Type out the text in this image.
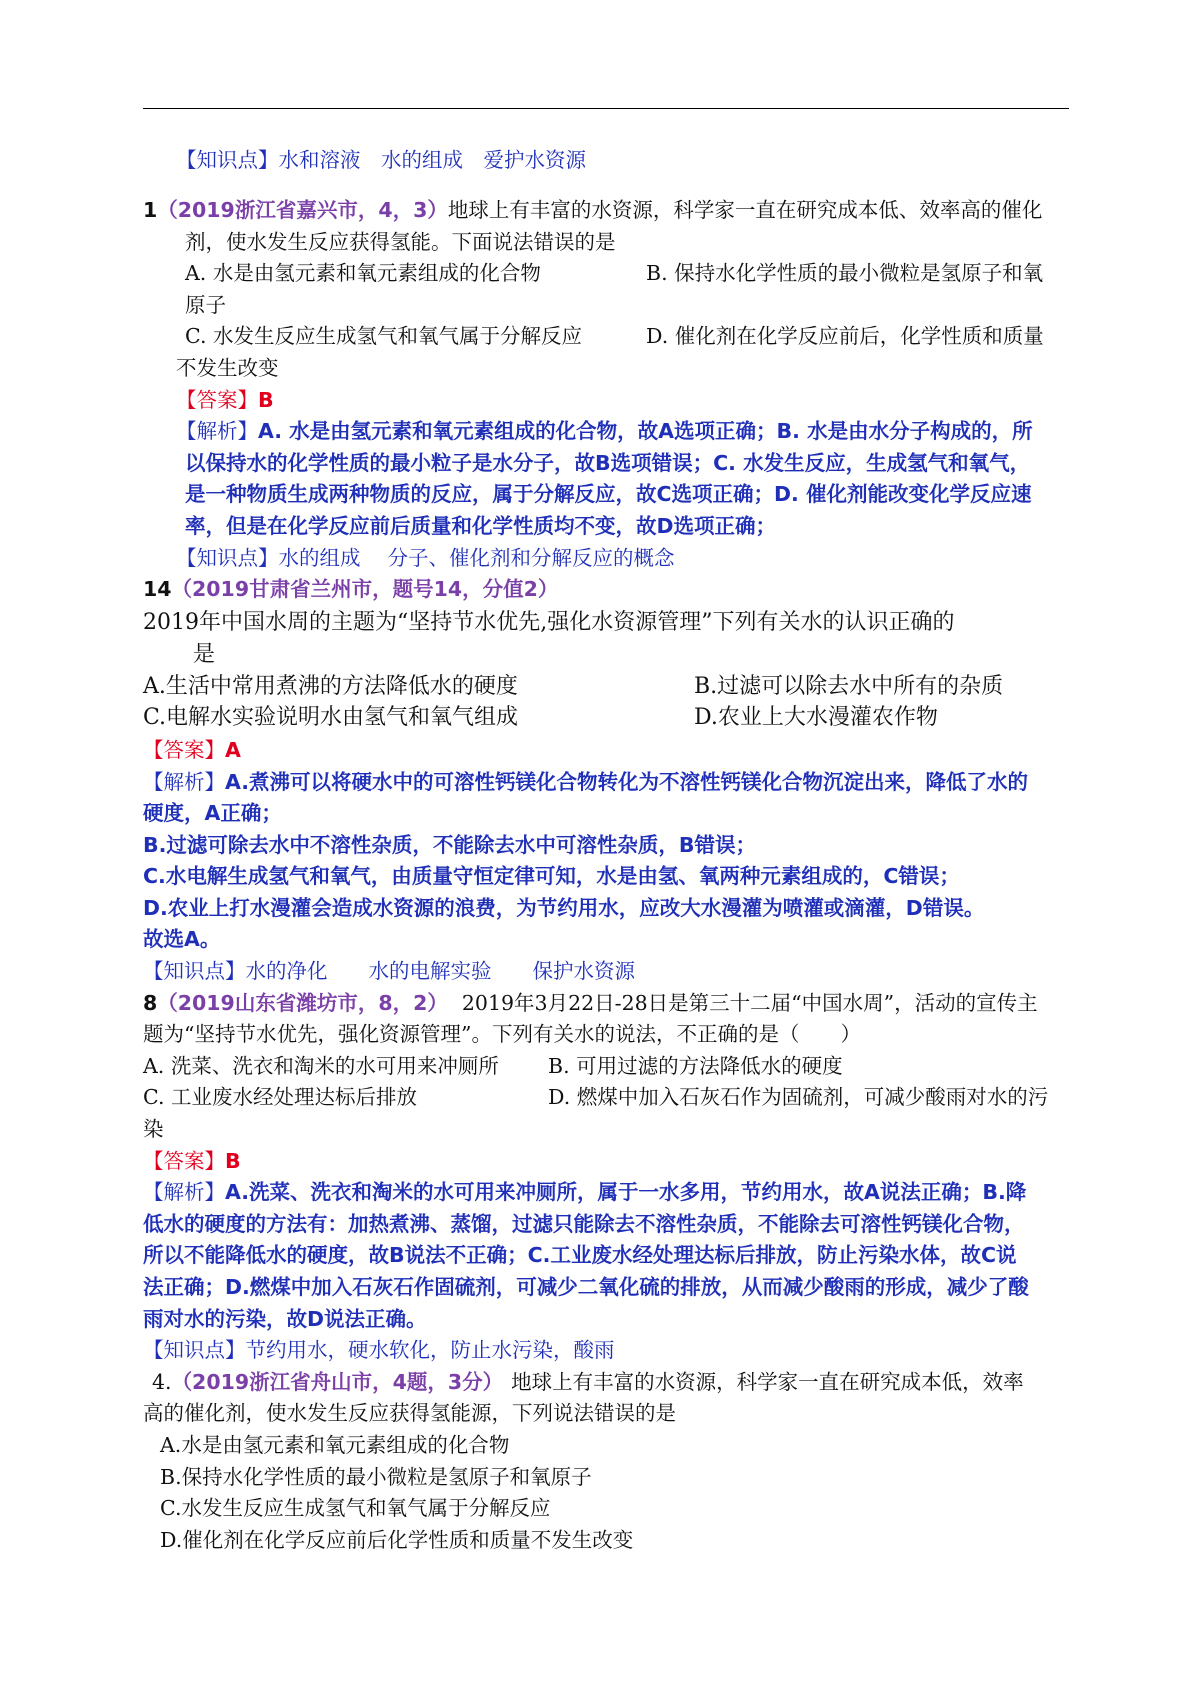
【知识点】水和溶液　水的组成　爱护水资源
1（2019浙江省嘉兴市，4，3）地球上有丰富的水资源，科学家一直在研究成本低、效率高的催化
剂，使水发生反应获得氢能。下面说法错误的是
A. 水是由氢元素和氧元素组成的化合物	B. 保持水化学性质的最小微粒是氢原子和氧
原子
C. 水发生反应生成氢气和氧气属于分解反应	D. 催化剂在化学反应前后，化学性质和质量
不发生改变
【答案】B
【解析】A. 水是由氢元素和氧元素组成的化合物，故A选项正确；B. 水是由水分子构成的，所
以保持水的化学性质的最小粒子是水分子，故B选项错误；C. 水发生反应，生成氢气和氧气，
是一种物质生成两种物质的反应，属于分解反应，故C选项正确；D. 催化剂能改变化学反应速
率，但是在化学反应前后质量和化学性质均不变，故D选项正确；
【知识点】水的组成　 分子、催化剂和分解反应的概念
14（2019甘肃省兰州市，题号14，分值2）
2019年中国水周的主题为“坚持节水优先,强化水资源管理”下列有关水的认识正确的
是
A.生活中常用煮沸的方法降低水的硬度	B.过滤可以除去水中所有的杂质
C.电解水实验说明水由氢气和氧气组成	D.农业上大水漫灌农作物
【答案】A
【解析】A.煮沸可以将硬水中的可溶性钙镁化合物转化为不溶性钙镁化合物沉淀出来，降低了水的
硬度，A正确；
B.过滤可除去水中不溶性杂质，不能除去水中可溶性杂质，B错误；
C.水电解生成氢气和氧气，由质量守恒定律可知，水是由氢、氧两种元素组成的，C错误；
D.农业上打水漫灌会造成水资源的浪费，为节约用水，应改大水漫灌为喷灌或滴灌，D错误。
故选A。
【知识点】水的净化　　水的电解实验　　保护水资源
8（2019山东省潍坊市，8，2） 2019年3月22日-28日是第三十二届“中国水周”，活动的宣传主
题为“坚持节水优先，强化资源管理”。下列有关水的说法，不正确的是（　　）
A. 洗菜、洗衣和淘米的水可用来冲厕所 B. 可用过滤的方法降低水的硬度
C. 工业废水经处理达标后排放	D. 燃煤中加入石灰石作为固硫剂，可减少酸雨对水的污
染
【答案】B
【解析】A.洗菜、洗衣和淘米的水可用来冲厕所，属于一水多用，节约用水，故A说法正确；B.降
低水的硬度的方法有：加热煮沸、蒸馏，过滤只能除去不溶性杂质，不能除去可溶性钙镁化合物，
所以不能降低水的硬度，故B说法不正确；C.工业废水经处理达标后排放，防止污染水体，故C说
法正确；D.燃煤中加入石灰石作固硫剂，可减少二氧化硫的排放，从而减少酸雨的形成，减少了酸
雨对水的污染，故D说法正确。
【知识点】节约用水，硬水软化，防止水污染，酸雨
4.（2019浙江省舟山市，4题，3分） 地球上有丰富的水资源，科学家一直在研究成本低，效率
高的催化剂，使水发生反应获得氢能源，下列说法错误的是
A.水是由氢元素和氧元素组成的化合物
B.保持水化学性质的最小微粒是氢原子和氧原子
C.水发生反应生成氢气和氧气属于分解反应
D.催化剂在化学反应前后化学性质和质量不发生改变
